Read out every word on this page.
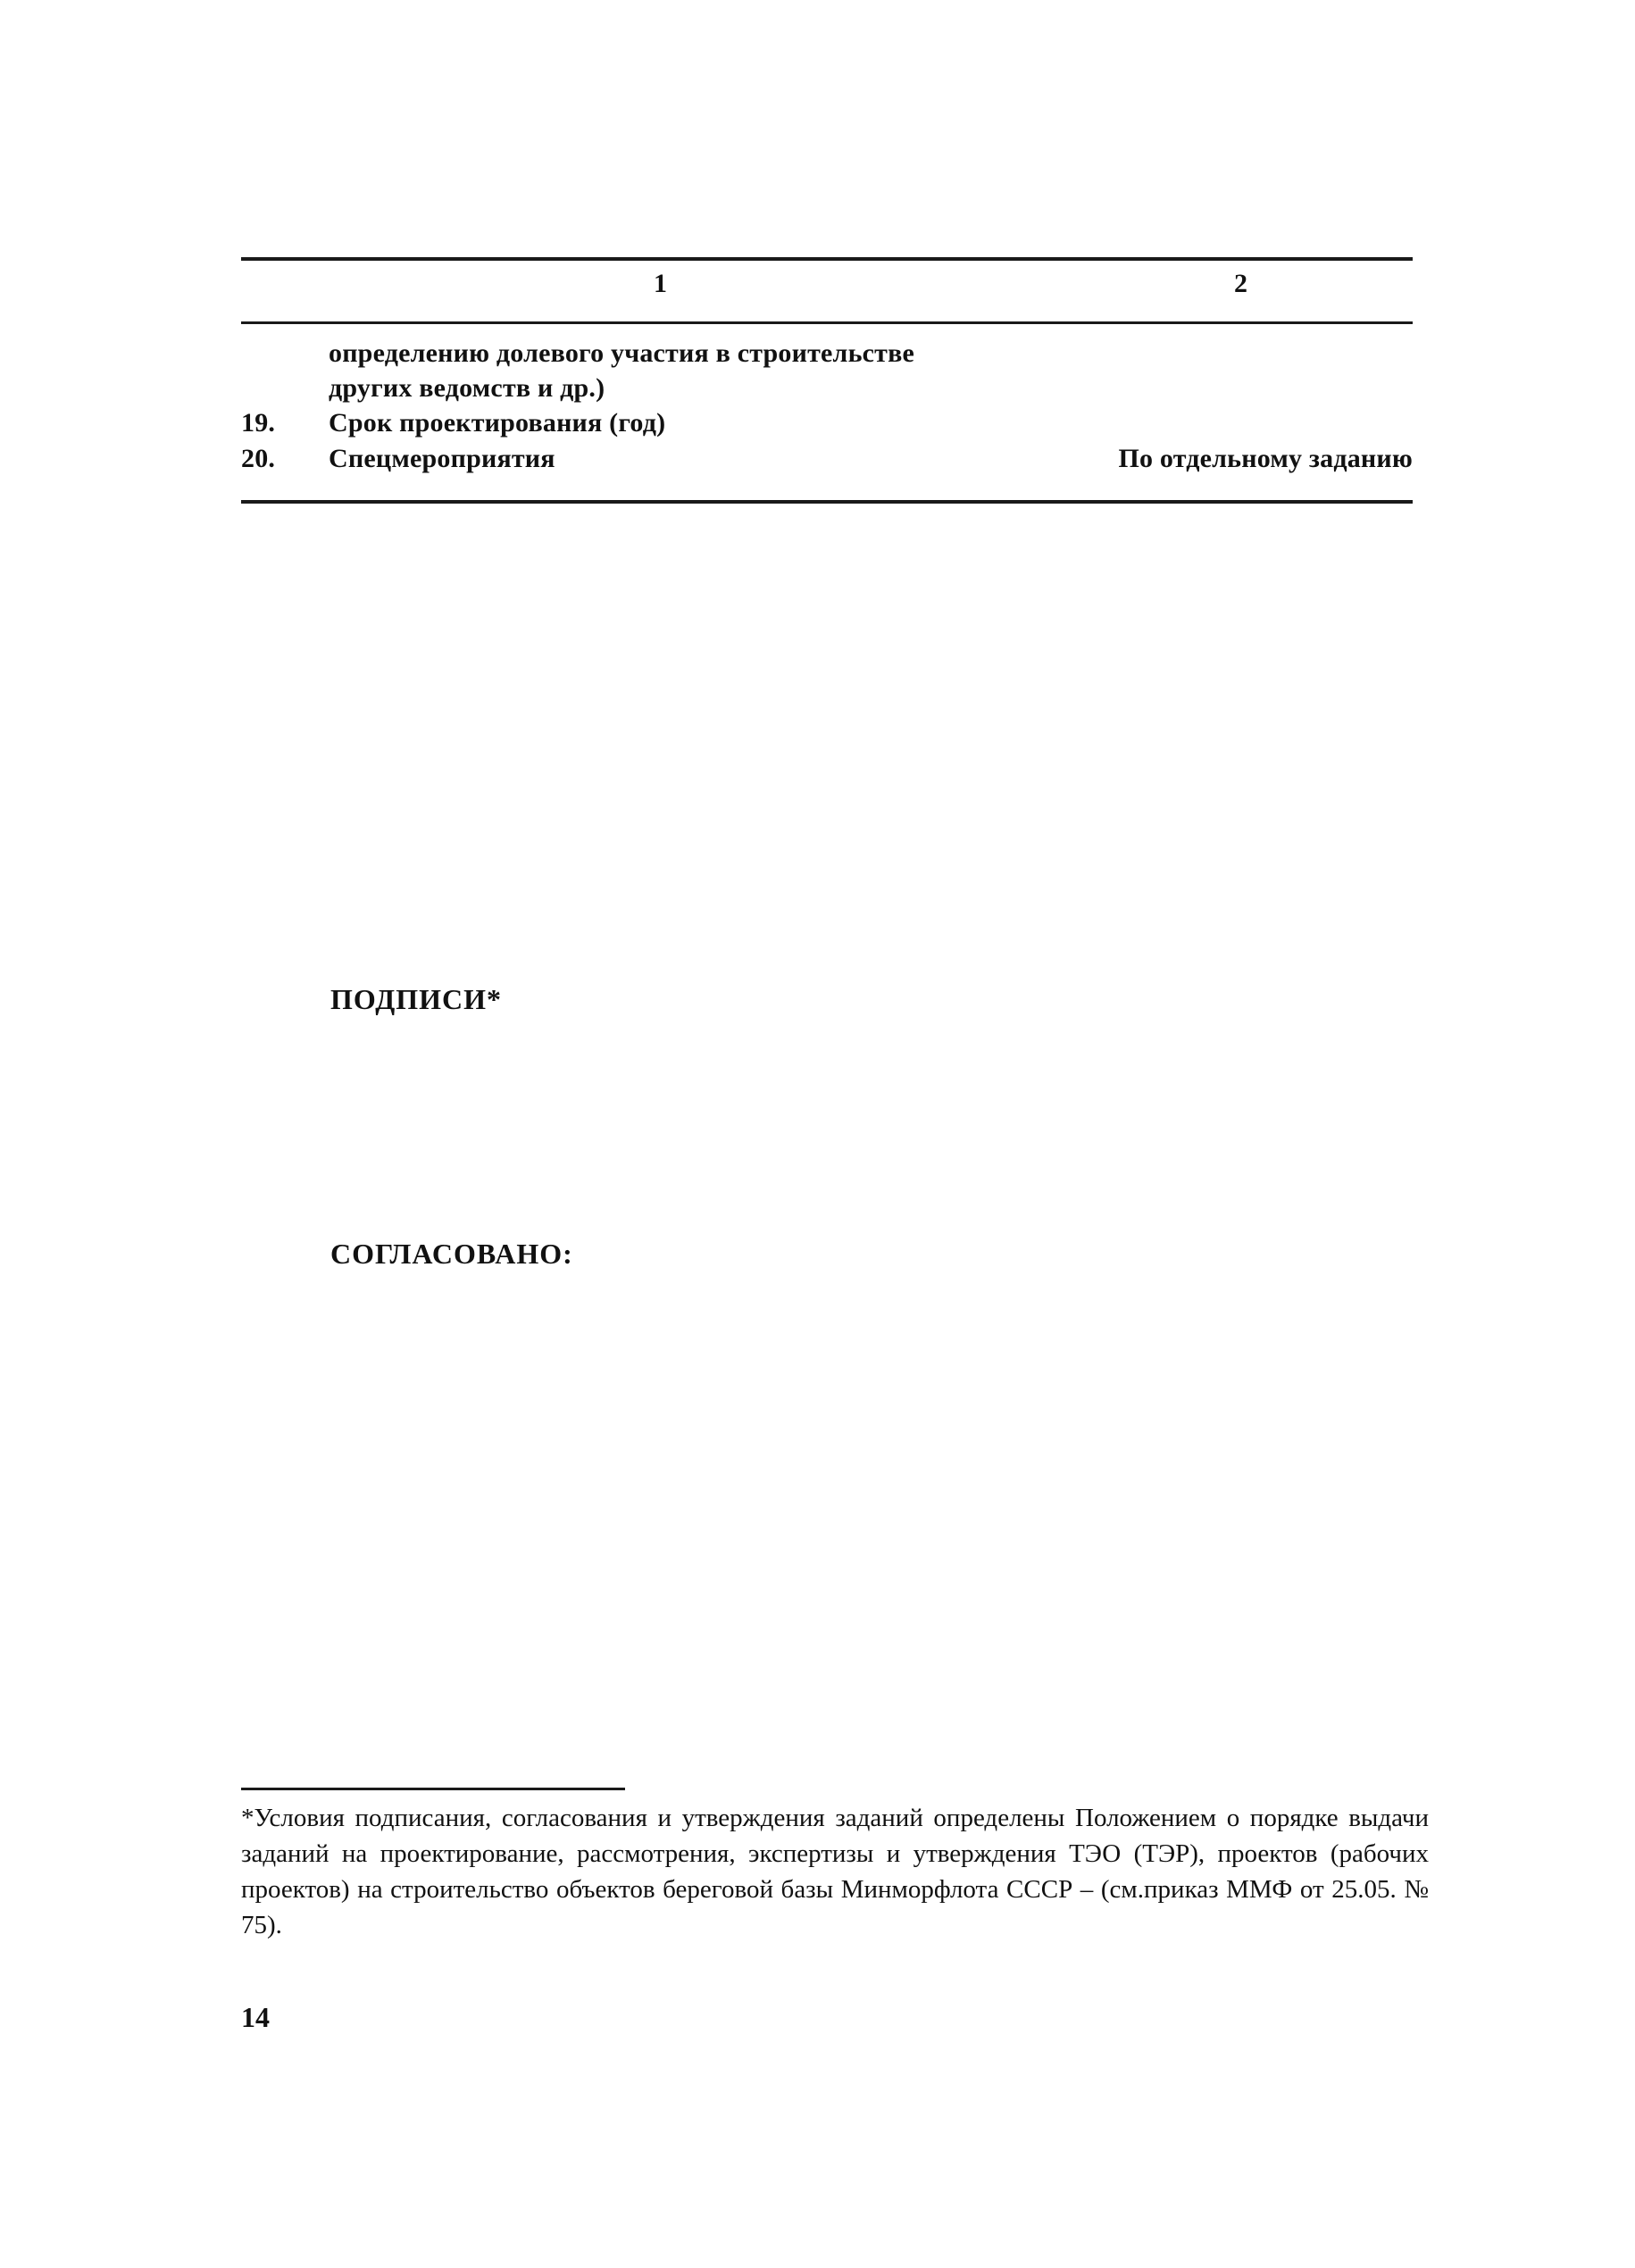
1	2
определению долевого участия в строительстве
других ведомств и др.)
19. Срок проектирования (год)
20. Спецмероприятия	По отдельному заданию
ПОДПИСИ*
СОГЛАСОВАНО:
*Условия подписания, согласования и утверждения заданий определены Положением о порядке выдачи заданий на проектирование, рассмотрения, экспертизы и утверждения ТЭО (ТЭР), проектов (рабочих проектов) на строительство объектов береговой базы Минморфлота СССР – (см.приказ ММФ от 25.05. № 75).
14
